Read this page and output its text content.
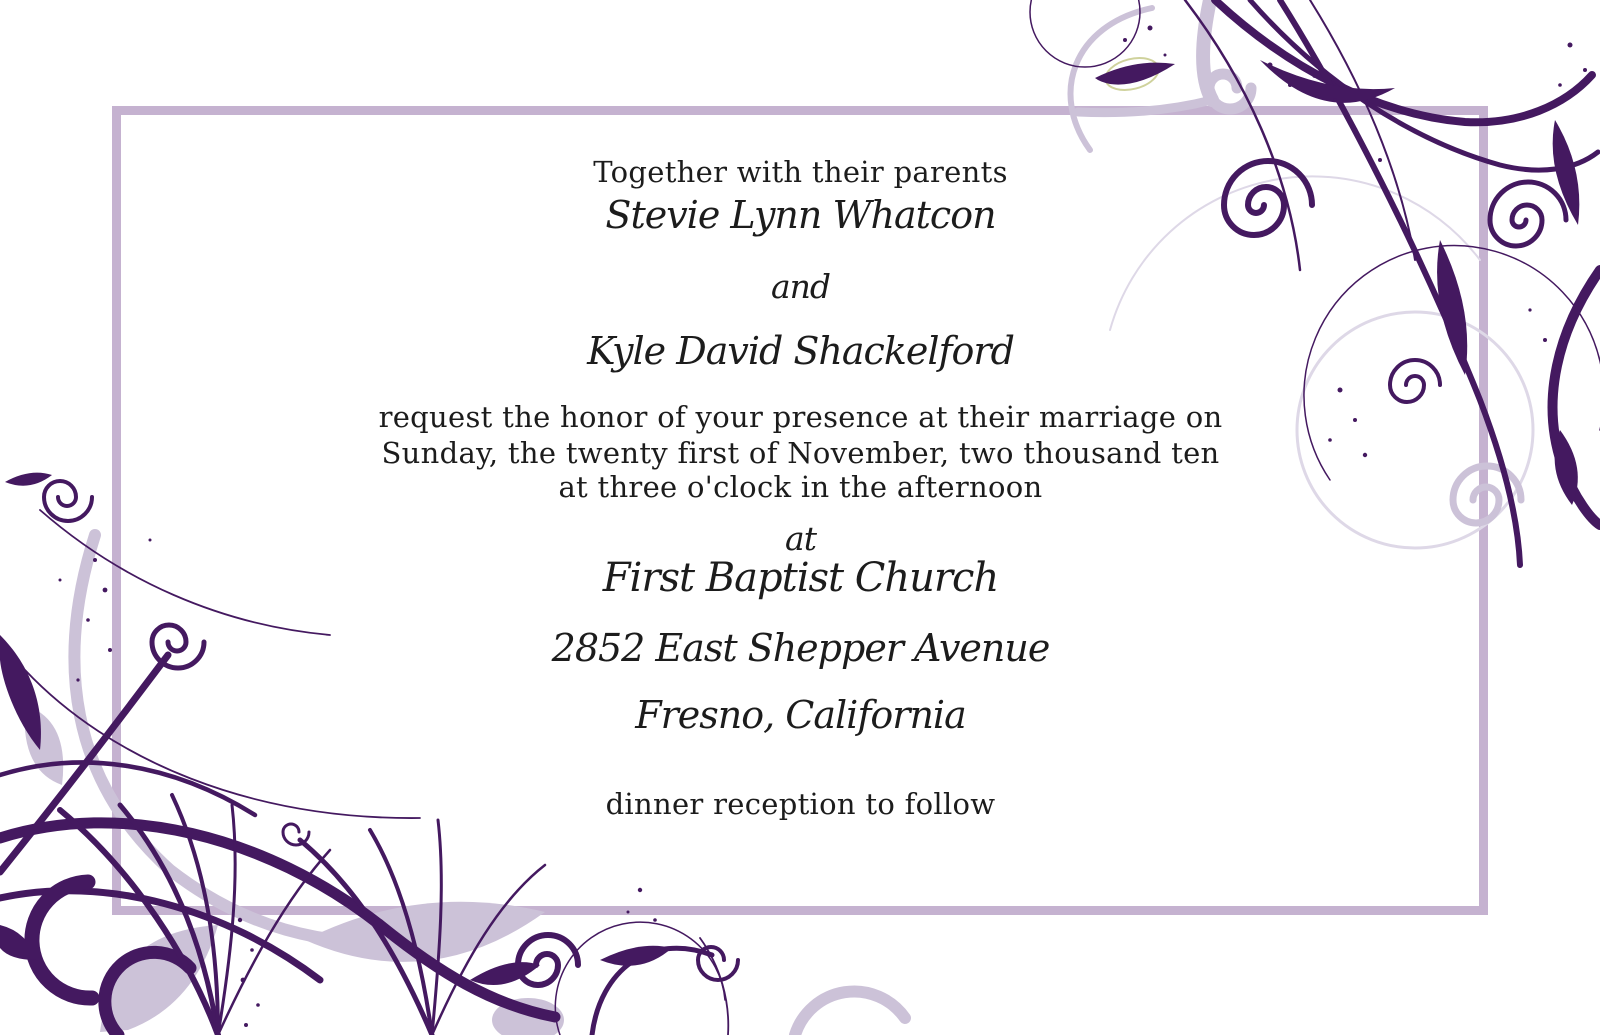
Together with their parents
Stevie Lynn Whatcon
and
Kyle David Shackelford
request the honor of your presence at their marriage on
Sunday, the twenty first of November, two thousand ten
at three o'clock in the afternoon
at
First Baptist Church
2852 East Shepper Avenue
Fresno, California
dinner reception to follow
